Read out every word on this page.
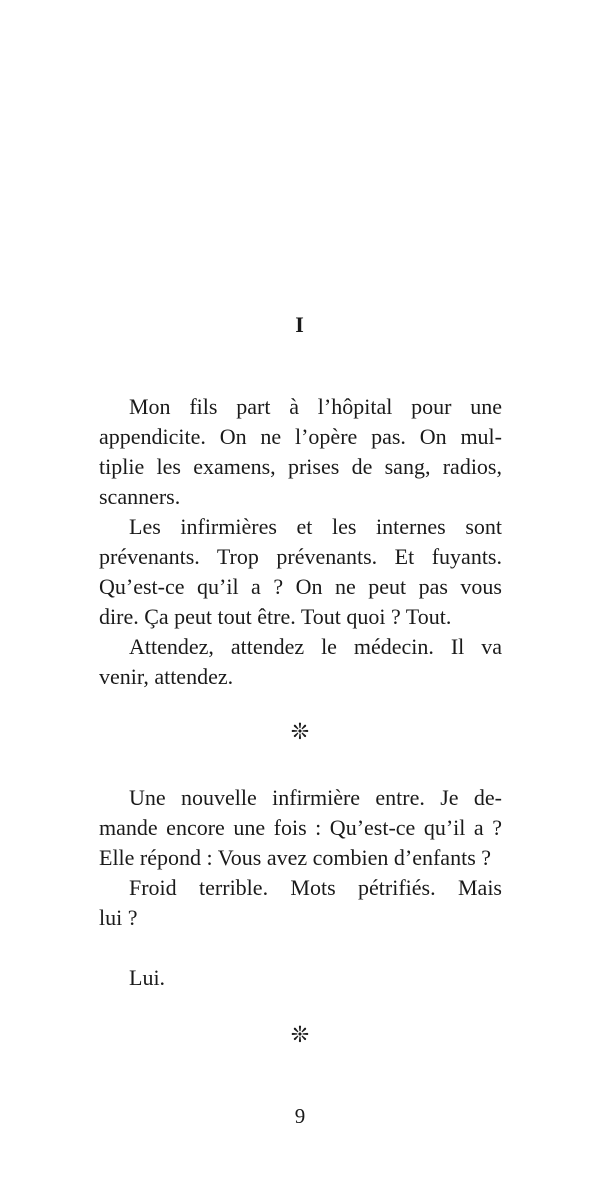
I

Mon fils part à l’hôpital pour une
appendicite. On ne l’opère pas. On mul-
tiplie les examens, prises de sang, radios,
scanners.

Les infirmières et les internes sont
prévenants. Trop prévenants. Et fuyants.
Qu’est-ce qu’il a ? On ne peut pas vous
dire. Ça peut tout être. Tout quoi ? Tout.

Attendez, attendez le médecin. Il va
venir, attendez.

❊

Une nouvelle infirmière entre. Je de-
mande encore une fois : Qu’est-ce qu’il a ?
Elle répond : Vous avez combien d’enfants ?

Froid terrible. Mots pétrifiés. Mais
lui ?

Lui.

❊
9
